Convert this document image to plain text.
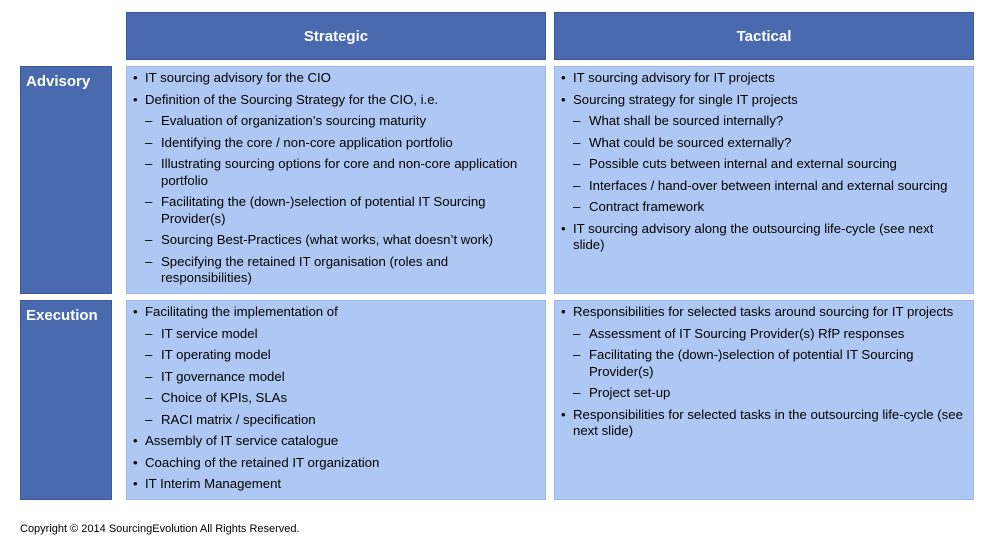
Strategic	Tactical
Advisory
Execution
• IT sourcing advisory for the CIO
• Definition of the Sourcing Strategy for the CIO, i.e.
– Evaluation of organization’s sourcing maturity
– Identifying the core / non-core application portfolio
– Illustrating sourcing options for core and non-core application portfolio
– Facilitating the (down-)selection of potential IT Sourcing Provider(s)
– Sourcing Best-Practices (what works, what doesn’t work)
– Specifying the retained IT organisation (roles and responsibilities)
• IT sourcing advisory for IT projects
• Sourcing strategy for single IT projects
– What shall be sourced internally?
– What could be sourced externally?
– Possible cuts between internal and external sourcing
– Interfaces / hand-over between internal and external sourcing
– Contract framework
• IT sourcing advisory along the outsourcing life-cycle (see next slide)
• Facilitating the implementation of
– IT service model
– IT operating model
– IT governance model
– Choice of KPIs, SLAs
– RACI matrix / specification
• Assembly of IT service catalogue
• Coaching of the retained IT organization
• IT Interim Management
• Responsibilities for selected tasks around sourcing for IT projects
– Assessment of IT Sourcing Provider(s) RfP responses
– Facilitating the (down-)selection of potential IT Sourcing Provider(s)
– Project set-up
• Responsibilities for selected tasks in the outsourcing life-cycle (see next slide)
Copyright © 2014 SourcingEvolution All Rights Reserved.
